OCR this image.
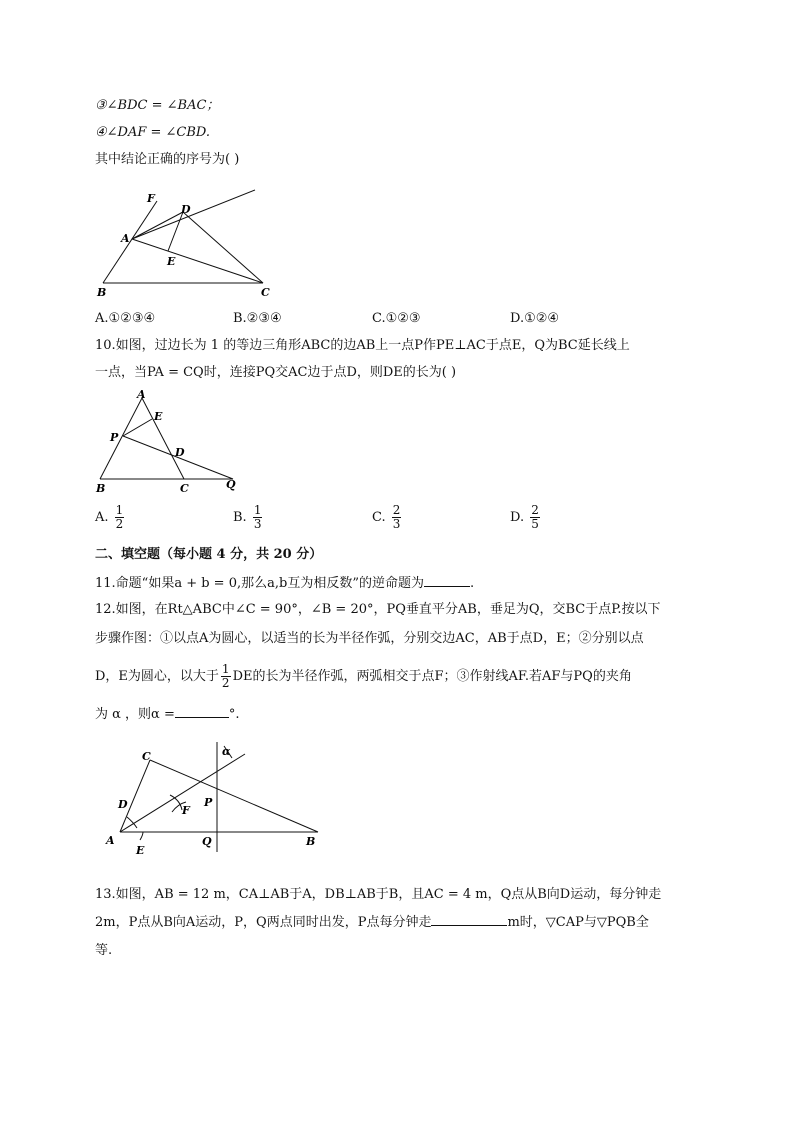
③∠BDC = ∠BAC；
④∠DAF = ∠CBD.
其中结论正确的序号为( )
F
D
A
E
B	C
A.①②③④	B.②③④	C.①②③	D.①②④
10.如图，过边长为 1 的等边三角形ABC的边AB上一点P作PE⊥AC于点E，Q为BC延长线上
一点，当PA = CQ时，连接PQ交AC边于点D，则DE的长为( )
A
E
P
D
B	C	Q
A. $\frac{1}{2}$	B. $\frac{1}{3}$	C. $\frac{2}{3}$	D. $\frac{2}{5}$
二、填空题（每小题 4 分，共 20 分）
11.命题“如果a + b = 0,那么a,b互为相反数”的逆命题为	.
12.如图，在Rt△ABC中∠C = 90°，∠B = 20°，PQ垂直平分AB，垂足为Q，交BC于点P.按以下
步骤作图：①以点A为圆心，以适当的长为半径作弧，分别交边AC，AB于点D，E；②分别以点
D，E为圆心，以大于 $\frac{1}{2}$ DE的长为半径作弧，两弧相交于点F；③作射线AF.若AF与PQ的夹角
为 α ，则α =	°.
C	α
D	P
F
A
E
Q	B
13.如图，AB = 12 m，CA⊥AB于A，DB⊥AB于B，且AC = 4 m，Q点从B向D运动，每分钟走
2m，P点从B向A运动，P，Q两点同时出发，P点每分钟走	m时，▽CAP与▽PQB全
等.
